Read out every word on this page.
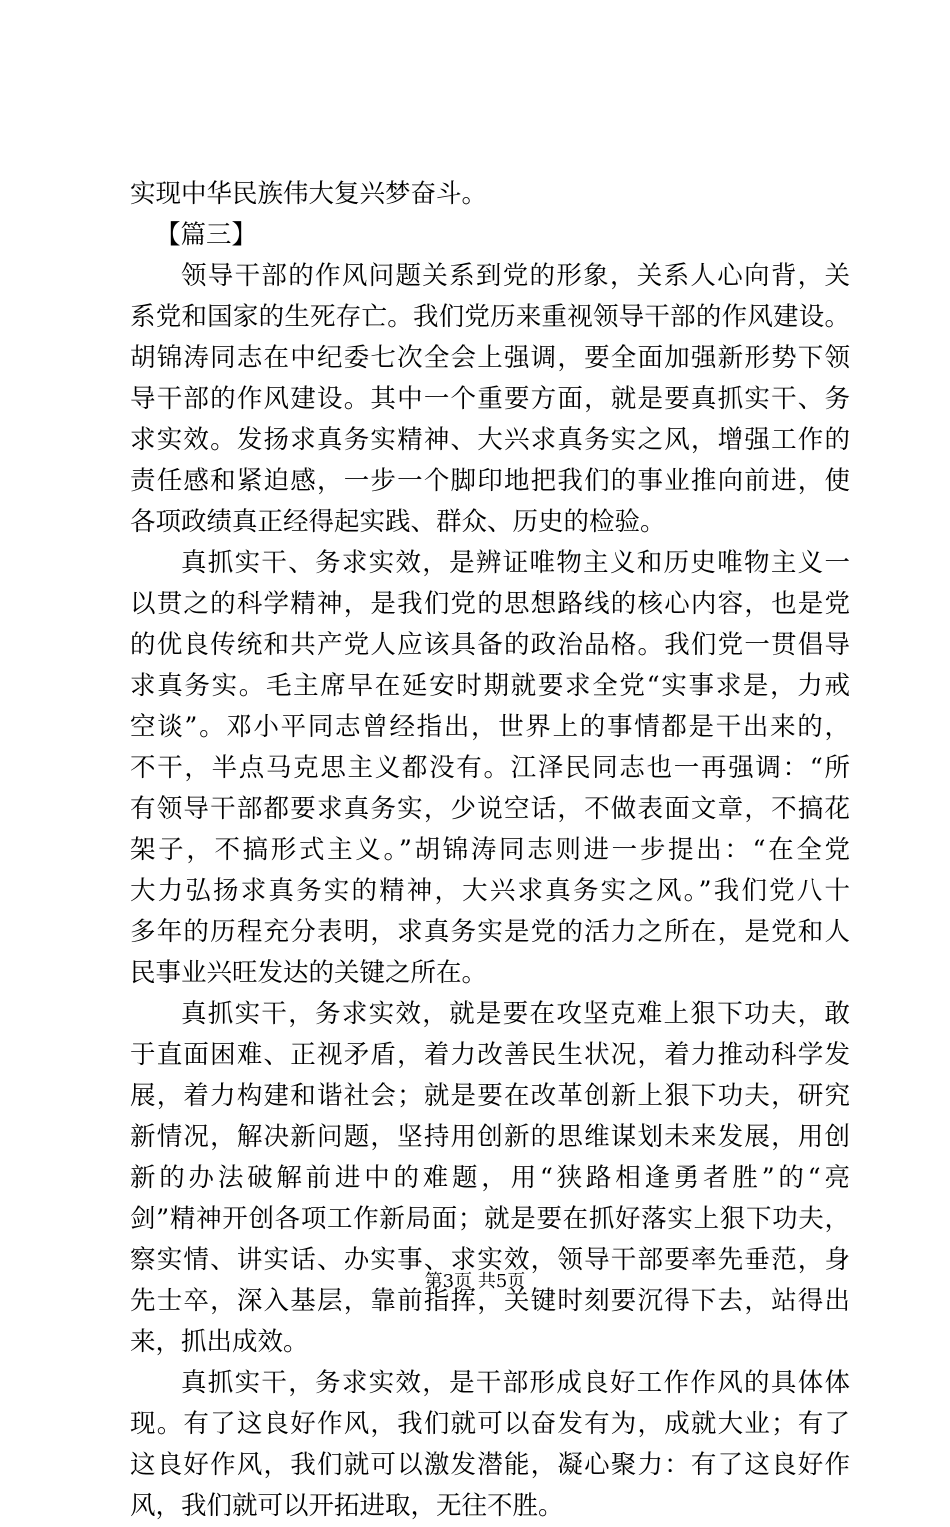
实现中华民族伟大复兴梦奋斗。
【篇三】
领导干部的作风问题关系到党的形象，关系人心向背，关
系党和国家的生死存亡。我们党历来重视领导干部的作风建设。
胡锦涛同志在中纪委七次全会上强调，要全面加强新形势下领
导干部的作风建设。其中一个重要方面，就是要真抓实干、务
求实效。发扬求真务实精神、大兴求真务实之风，增强工作的
责任感和紧迫感，一步一个脚印地把我们的事业推向前进，使
各项政绩真正经得起实践、群众、历史的检验。
真抓实干、务求实效，是辨证唯物主义和历史唯物主义一
以贯之的科学精神，是我们党的思想路线的核心内容，也是党
的优良传统和共产党人应该具备的政治品格。我们党一贯倡导
求真务实。毛主席早在延安时期就要求全党“实事求是，力戒
空谈”。邓小平同志曾经指出，世界上的事情都是干出来的，
不干，半点马克思主义都没有。江泽民同志也一再强调：“所
有领导干部都要求真务实，少说空话，不做表面文章，不搞花
架子，不搞形式主义。”胡锦涛同志则进一步提出：“在全党
大力弘扬求真务实的精神，大兴求真务实之风。”我们党八十
多年的历程充分表明，求真务实是党的活力之所在，是党和人
民事业兴旺发达的关键之所在。
真抓实干，务求实效，就是要在攻坚克难上狠下功夫，敢
于直面困难、正视矛盾，着力改善民生状况，着力推动科学发
展，着力构建和谐社会；就是要在改革创新上狠下功夫，研究
新情况，解决新问题，坚持用创新的思维谋划未来发展，用创
新的办法破解前进中的难题，用“狭路相逢勇者胜”的“亮
剑”精神开创各项工作新局面；就是要在抓好落实上狠下功夫，
察实情、讲实话、办实事、求实效，领导干部要率先垂范，身
先士卒，深入基层，靠前指挥，关键时刻要沉得下去，站得出
来，抓出成效。
真抓实干，务求实效，是干部形成良好工作作风的具体体
现。有了这良好作风，我们就可以奋发有为，成就大业；有了
这良好作风，我们就可以激发潜能，凝心聚力：有了这良好作
风，我们就可以开拓进取，无往不胜。
第3页 共5页
